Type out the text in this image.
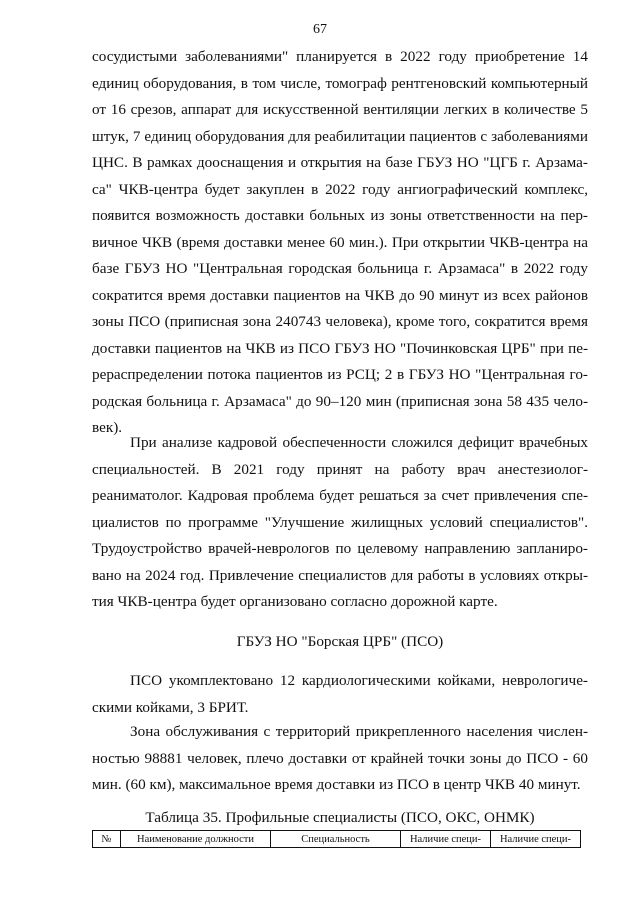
67
сосудистыми заболеваниями" планируется в 2022 году приобретение 14
единиц оборудования, в том числе, томограф рентгеновский компьютерный
от 16 срезов, аппарат для искусственной вентиляции легких в количестве 5
штук, 7 единиц оборудования для реабилитации пациентов с заболеваниями
ЦНС. В рамках дооснащения и открытия на базе ГБУЗ НО "ЦГБ г. Арзама-
са" ЧКВ-центра будет закуплен в 2022 году ангиографический комплекс,
появится возможность доставки больных из зоны ответственности на пер-
вичное ЧКВ (время доставки менее 60 мин.). При открытии ЧКВ-центра на
базе ГБУЗ НО "Центральная городская больница г. Арзамаса" в 2022 году
сократится время доставки пациентов на ЧКВ до 90 минут из всех районов
зоны ПСО (приписная зона 240743 человека), кроме того, сократится время
доставки пациентов на ЧКВ из ПСО ГБУЗ НО "Починковская ЦРБ" при пе-
рераспределении потока пациентов из РСЦ; 2 в ГБУЗ НО "Центральная го-
родская больница г. Арзамаса" до 90–120 мин (приписная зона 58 435 чело-
век).
При анализе кадровой обеспеченности сложился дефицит врачебных
специальностей. В 2021 году принят на работу врач анестезиолог-
реаниматолог. Кадровая проблема будет решаться за счет привлечения спе-
циалистов по программе "Улучшение жилищных условий специалистов".
Трудоустройство врачей-неврологов по целевому направлению запланиро-
вано на 2024 год. Привлечение специалистов для работы в условиях откры-
тия ЧКВ-центра будет организовано согласно дорожной карте.
ГБУЗ НО "Борская ЦРБ" (ПСО)
ПСО укомплектовано 12 кардиологическими койками, неврологиче-
скими койками, 3 БРИТ.
Зона обслуживания с территорий прикрепленного населения числен-
ностью 98881 человек, плечо доставки от крайней точки зоны до ПСО - 60
мин. (60 км), максимальное время доставки из ПСО в центр ЧКВ 40 минут.
Таблица 35. Профильные специалисты (ПСО, ОКС, ОНМК)
№	Наименование должности	Специальность	Наличие специ-	Наличие специ-
